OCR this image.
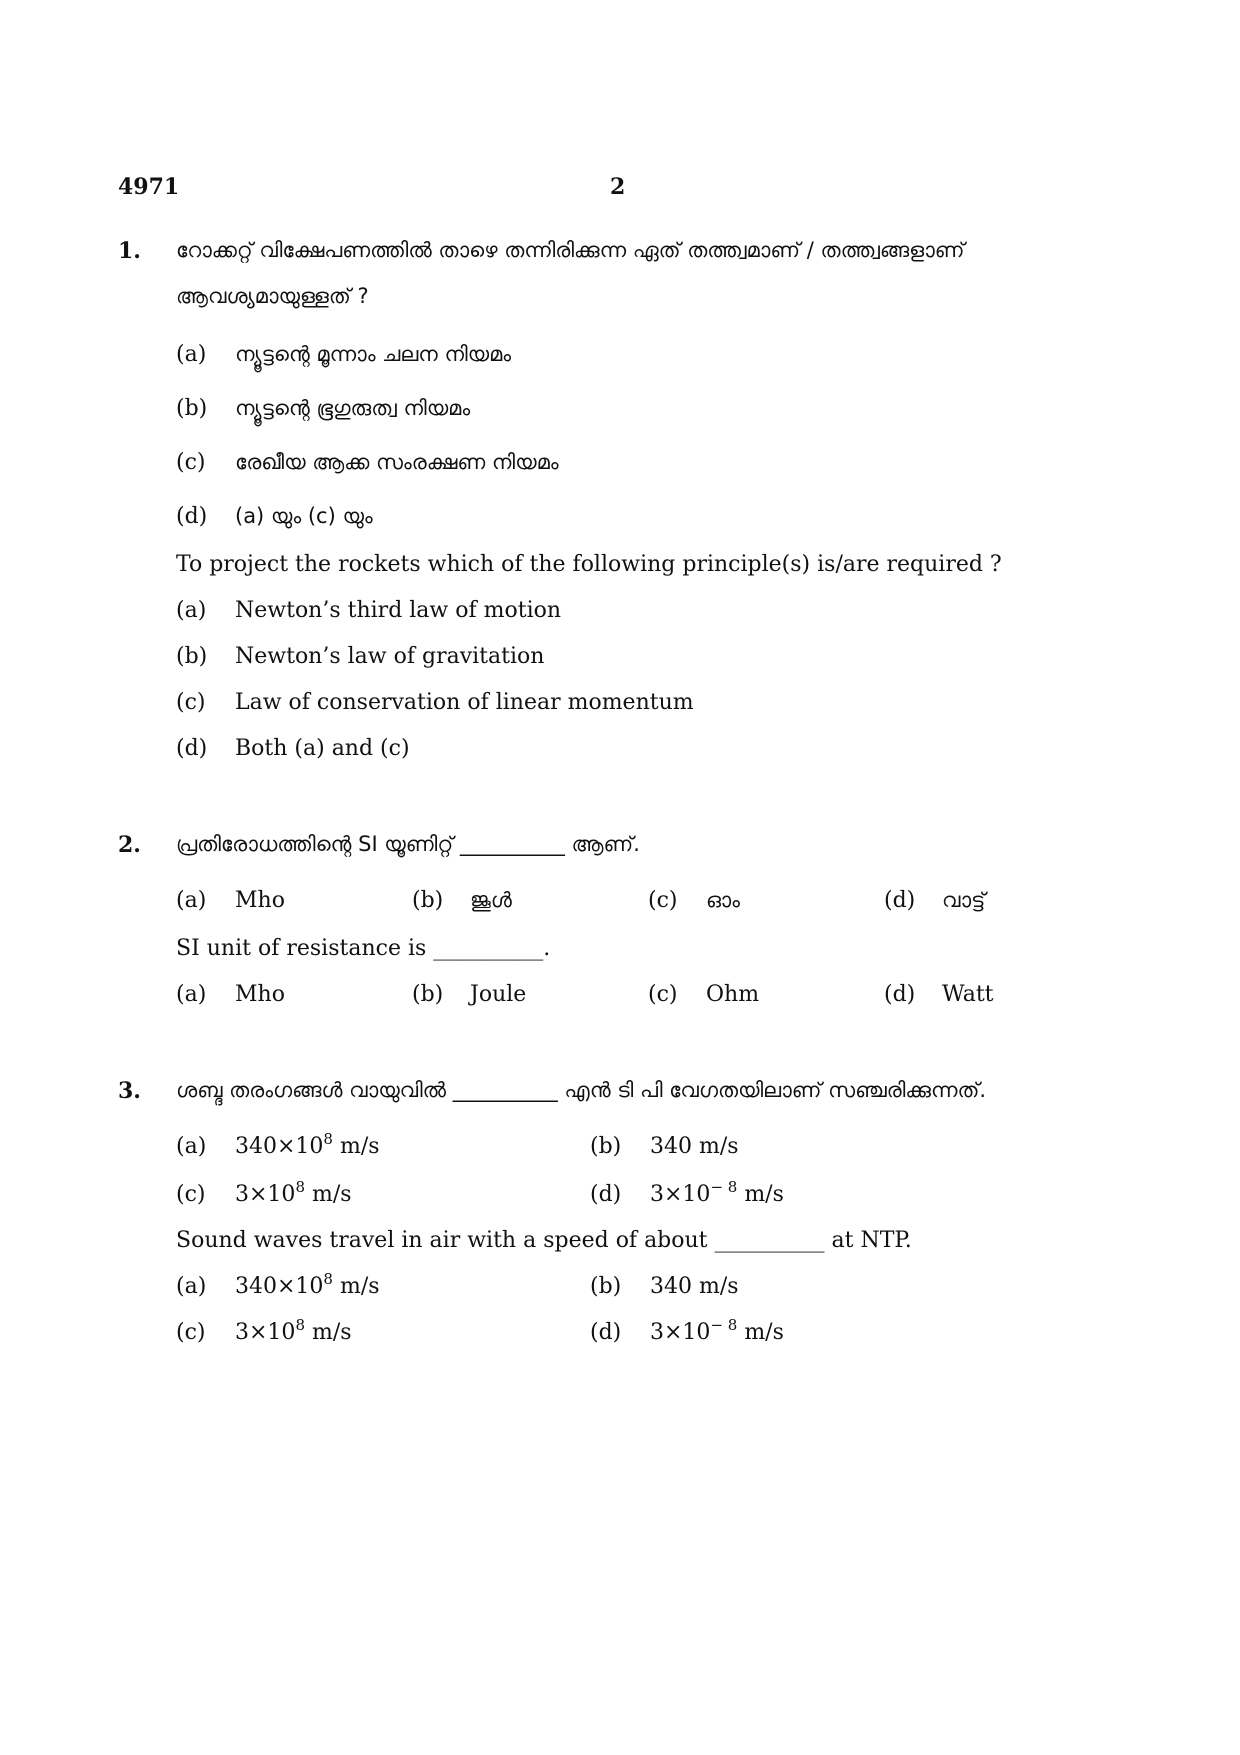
4971	2
1. റോക്കറ്റ് വിക്ഷേപണത്തിൽ താഴെ തന്നിരിക്കുന്ന ഏത് തത്ത്വമാണ് / തത്ത്വങ്ങളാണ്
ആവശ്യമായുള്ളത് ?
(a) ന്യൂട്ടന്റെ മൂന്നാം ചലന നിയമം
(b) ന്യൂട്ടന്റെ ഭൂഗുരുത്വ നിയമം
(c) രേഖീയ ആക്ക സംരക്ഷണ നിയമം
(d) (a) യും (c) യും
To project the rockets which of the following principle(s) is/are required ?
(a) Newton’s third law of motion
(b) Newton’s law of gravitation
(c) Law of conservation of linear momentum
(d) Both (a) and (c)
2. പ്രതിരോധത്തിന്റെ SI യൂണിറ്റ് __________ ആണ്.
(a) Mho	(b) ജൂൾ	(c) ഓം	(d) വാട്ട്
SI unit of resistance is __________.
(a) Mho	(b) Joule	(c) Ohm	(d) Watt
3. ശബ്ദ തരംഗങ്ങൾ വായുവിൽ __________ എൻ ടി പി വേഗതയിലാണ് സഞ്ചരിക്കുന്നത്.
(a) $340\times 10^8$ m/s	(b) 340 m/s
(c) $3\times 10^8$ m/s	(d) $3\times 10^{- 8}$ m/s
Sound waves travel in air with a speed of about __________ at NTP.
(a) $340\times 10^8$ m/s	(b) 340 m/s
(c) $3\times 10^8$ m/s	(d) $3\times 10^{- 8}$ m/s
